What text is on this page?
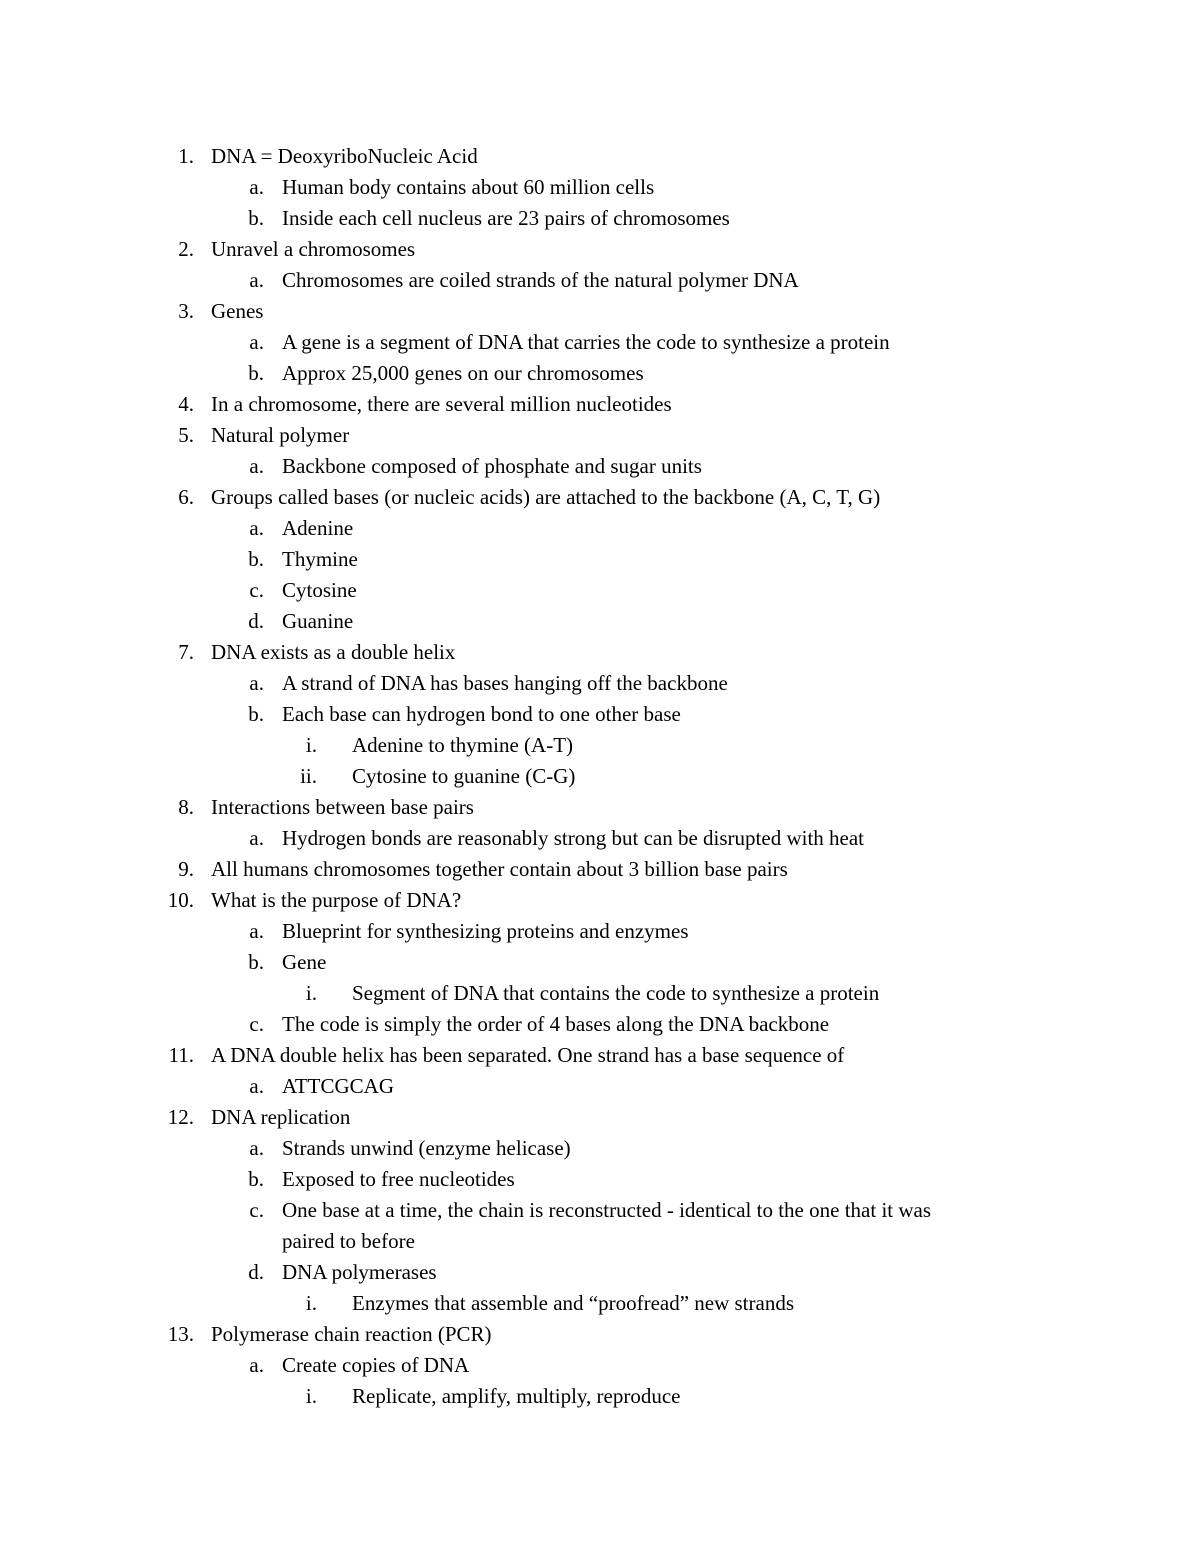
1. DNA = DeoxyriboNucleic Acid
a. Human body contains about 60 million cells
b. Inside each cell nucleus are 23 pairs of chromosomes
2. Unravel a chromosomes
a. Chromosomes are coiled strands of the natural polymer DNA
3. Genes
a. A gene is a segment of DNA that carries the code to synthesize a protein
b. Approx 25,000 genes on our chromosomes
4. In a chromosome, there are several million nucleotides
5. Natural polymer
a. Backbone composed of phosphate and sugar units
6. Groups called bases (or nucleic acids) are attached to the backbone (A, C, T, G)
a. Adenine
b. Thymine
c. Cytosine
d. Guanine
7. DNA exists as a double helix
a. A strand of DNA has bases hanging off the backbone
b. Each base can hydrogen bond to one other base
i. Adenine to thymine (A-T)
ii. Cytosine to guanine (C-G)
8. Interactions between base pairs
a. Hydrogen bonds are reasonably strong but can be disrupted with heat
9. All humans chromosomes together contain about 3 billion base pairs
10. What is the purpose of DNA?
a. Blueprint for synthesizing proteins and enzymes
b. Gene
i. Segment of DNA that contains the code to synthesize a protein
c. The code is simply the order of 4 bases along the DNA backbone
11. A DNA double helix has been separated. One strand has a base sequence of
a. ATTCGCAG
12. DNA replication
a. Strands unwind (enzyme helicase)
b. Exposed to free nucleotides
c. One base at a time, the chain is reconstructed - identical to the one that it was
paired to before
d. DNA polymerases
i. Enzymes that assemble and “proofread” new strands
13. Polymerase chain reaction (PCR)
a. Create copies of DNA
i. Replicate, amplify, multiply, reproduce
